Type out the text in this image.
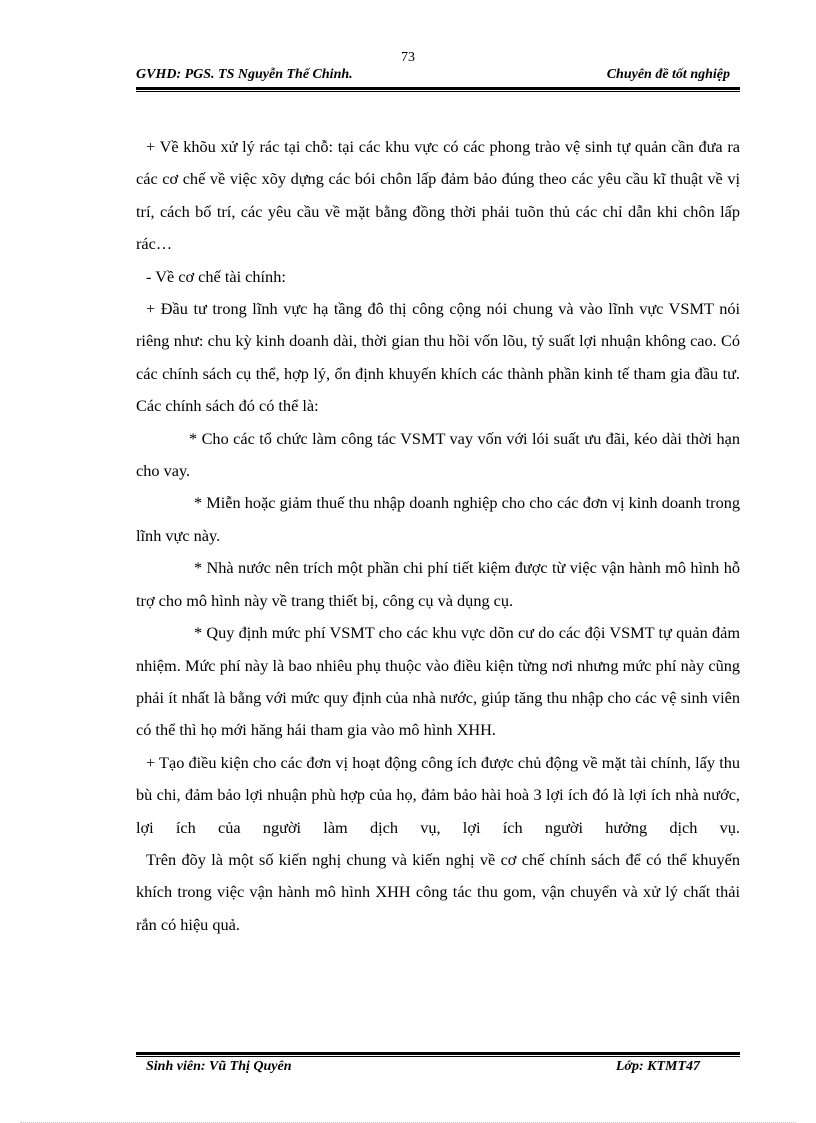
73
GVHD: PGS. TS Nguyễn Thế Chinh.	Chuyên đề tốt nghiệp

+ Về khõu xử lý rác tại chỗ: tại các khu vực có các phong trào vệ sinh tự quản cần đưa ra các cơ chế về việc xõy dựng các bói chôn lấp đảm bảo đúng theo các yêu cầu kĩ thuật về vị trí, cách bố trí, các yêu cầu về mặt bằng đồng thời phải tuõn thủ các chỉ dẫn khi chôn lấp rác…

- Về cơ chế tài chính:

+ Đầu tư trong lĩnh vực hạ tầng đô thị công cộng nói chung và vào lĩnh vực VSMT nói riêng như: chu kỳ kinh doanh dài, thời gian thu hồi vốn lõu, tỷ suất lợi nhuận không cao. Có các chính sách cụ thể, hợp lý, ổn định khuyến khích các thành phần kinh tế tham gia đầu tư. Các chính sách đó có thể là:

* Cho các tổ chức làm công tác VSMT vay vốn với lói suất ưu đãi, kéo dài thời hạn cho vay.

* Miễn hoặc giảm thuế thu nhập doanh nghiệp cho cho các đơn vị kinh doanh trong lĩnh vực này.

* Nhà nước nên trích một phần chi phí tiết kiệm được từ việc vận hành mô hình hỗ trợ cho mô hình này về trang thiết bị, công cụ và dụng cụ.

* Quy định mức phí VSMT cho các khu vực dõn cư do các đội VSMT tự quản đảm nhiệm. Mức phí này là bao nhiêu phụ thuộc vào điều kiện từng nơi nhưng mức phí này cũng phải ít nhất là bằng với mức quy định của nhà nước, giúp tăng thu nhập cho các vệ sinh viên có thể thì họ mới hăng hái tham gia vào mô hình XHH.

+ Tạo điều kiện cho các đơn vị hoạt động công ích được chủ động về mặt tài chính, lấy thu bù chi, đảm bảo lợi nhuận phù hợp của họ, đảm bảo hài hoà 3 lợi ích đó là lợi ích nhà nước, lợi ích của người làm dịch vụ, lợi ích người hưởng dịch vụ.

Trên đõy là một số kiến nghị chung và kiến nghị về cơ chế chính sách để có thể khuyến khích trong việc vận hành mô hình XHH công tác thu gom, vận chuyển và xử lý chất thải rắn có hiệu quả.

Sinh viên: Vũ Thị Quyên	Lớp: KTMT47
